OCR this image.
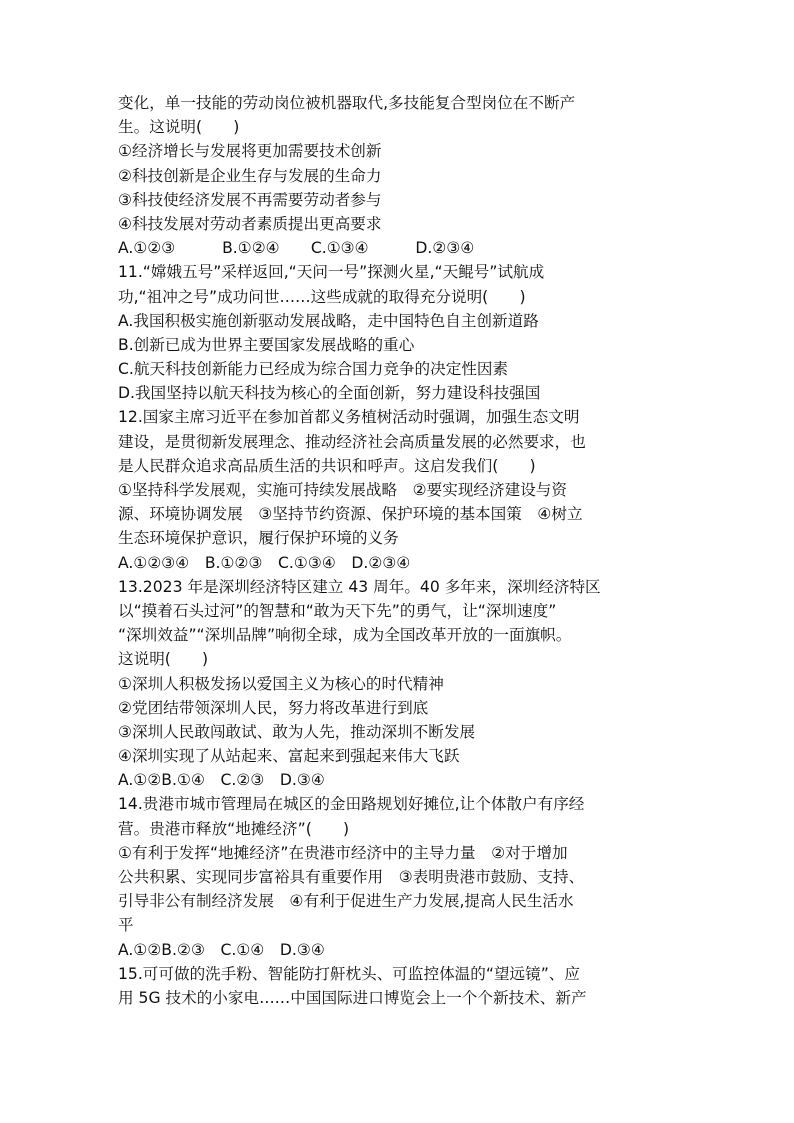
变化，单一技能的劳动岗位被机器取代,多技能复合型岗位在不断产
生。这说明(　　)
①经济增长与发展将更加需要技术创新
②科技创新是企业生存与发展的生命力
③科技使经济发展不再需要劳动者参与
④科技发展对劳动者素质提出更高要求
A.①②③　　　B.①②④　　C.①③④　　　D.②③④
11.“嫦娥五号”采样返回,“天问一号”探测火星,“天鲲号”试航成
功,“祖冲之号”成功问世……这些成就的取得充分说明(　　)
A.我国积极实施创新驱动发展战略，走中国特色自主创新道路
B.创新已成为世界主要国家发展战略的重心
C.航天科技创新能力已经成为综合国力竞争的决定性因素
D.我国坚持以航天科技为核心的全面创新，努力建设科技强国
12.国家主席习近平在参加首都义务植树活动时强调，加强生态文明
建设，是贯彻新发展理念、推动经济社会高质量发展的必然要求，也
是人民群众追求高品质生活的共识和呼声。这启发我们(　　)
①坚持科学发展观，实施可持续发展战略　②要实现经济建设与资
源、环境协调发展　③坚持节约资源、保护环境的基本国策　④树立
生态环境保护意识，履行保护环境的义务
A.①②③④　B.①②③　C.①③④　D.②③④
13.2023 年是深圳经济特区建立 43 周年。40 多年来，深圳经济特区
以“摸着石头过河”的智慧和“敢为天下先”的勇气，让“深圳速度”
“深圳效益”“深圳品牌”响彻全球，成为全国改革开放的一面旗帜。
这说明(　　)
①深圳人积极发扬以爱国主义为核心的时代精神
②党团结带领深圳人民，努力将改革进行到底
③深圳人民敢闯敢试、敢为人先，推动深圳不断发展
④深圳实现了从站起来、富起来到强起来伟大飞跃
A.①②B.①④　C.②③　D.③④
14.贵港市城市管理局在城区的金田路规划好摊位,让个体散户有序经
营。贵港市释放“地摊经济”(　　)
①有利于发挥“地摊经济”在贵港市经济中的主导力量　②对于增加
公共积累、实现同步富裕具有重要作用　③表明贵港市鼓励、支持、
引导非公有制经济发展　④有利于促进生产力发展,提高人民生活水
平
A.①②B.②③　C.①④　D.③④
15.可可做的洗手粉、智能防打鼾枕头、可监控体温的“望远镜”、应
用 5G 技术的小家电……中国国际进口博览会上一个个新技术、新产
